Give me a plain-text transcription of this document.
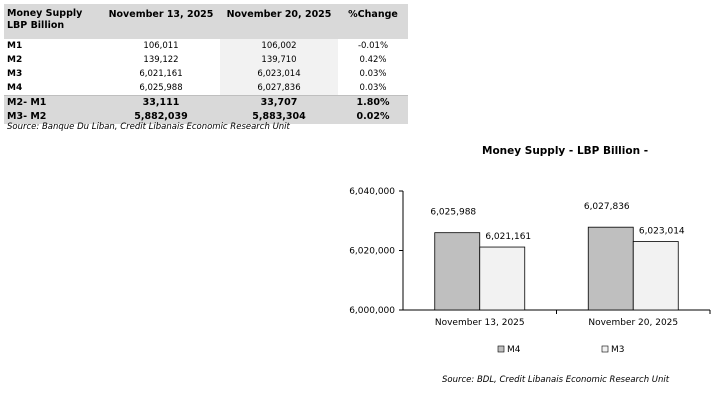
Money Supply
LBP Billion	November 13, 2025	November 20, 2025	%Change
M1	106,011	106,002	-0.01%
M2	139,122	139,710	0.42%
M3	6,021,161	6,023,014	0.03%
M4	6,025,988	6,027,836	0.03%
M2- M1	33,111	33,707	1.80%
M3- M2	5,882,039	5,883,304	0.02%
Source: Banque Du Liban, Credit Libanais Economic Research Unit
Money Supply - LBP Billion -
6,000,000
6,020,000
6,040,000
6,025,988
6,021,161
November 13, 2025
6,027,836
6,023,014
November 20, 2025
M4	M3
Source: BDL, Credit Libanais Economic Research Unit
